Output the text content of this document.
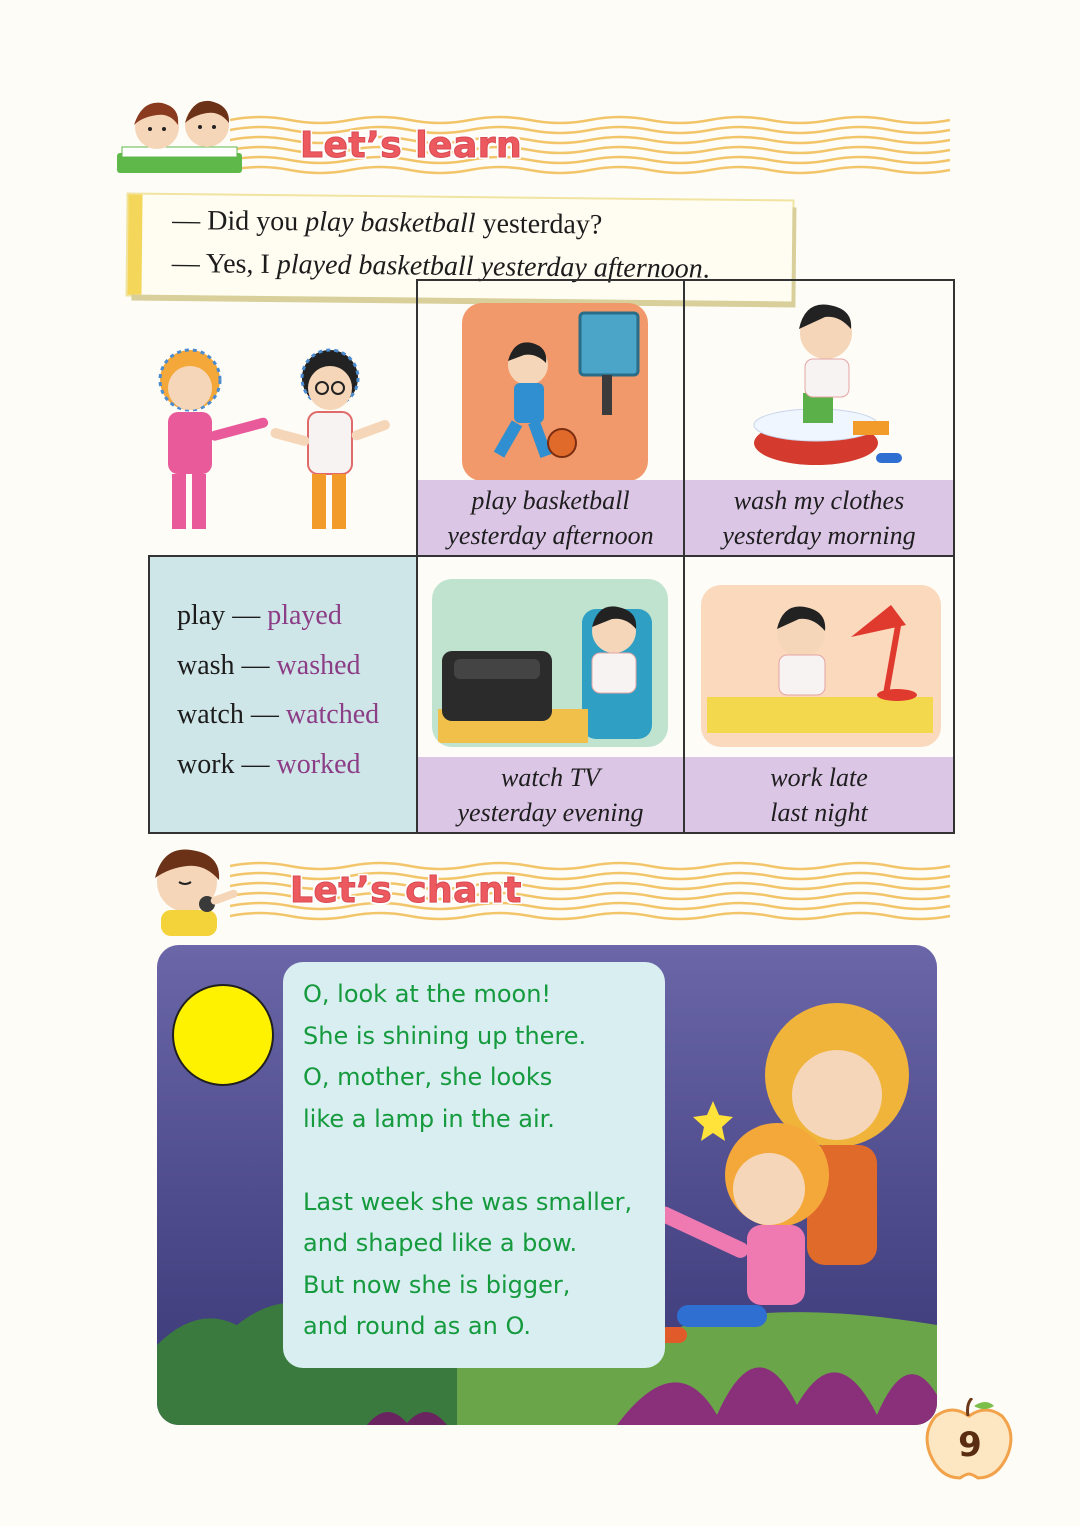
Let’s learn
— Did you play basketball yesterday?
— Yes, I played basketball yesterday afternoon.
play basketball
yesterday afternoon
wash my clothes
yesterday morning
play — played
wash — washed
watch — watched
work — worked	watch TV
yesterday evening
work late
last night
Let’s chant
O, look at the moon!
She is shining up there.
O, mother, she looks
like a lamp in the air.
Last week she was smaller,
and shaped like a bow.
But now she is bigger,
and round as an O.
9
